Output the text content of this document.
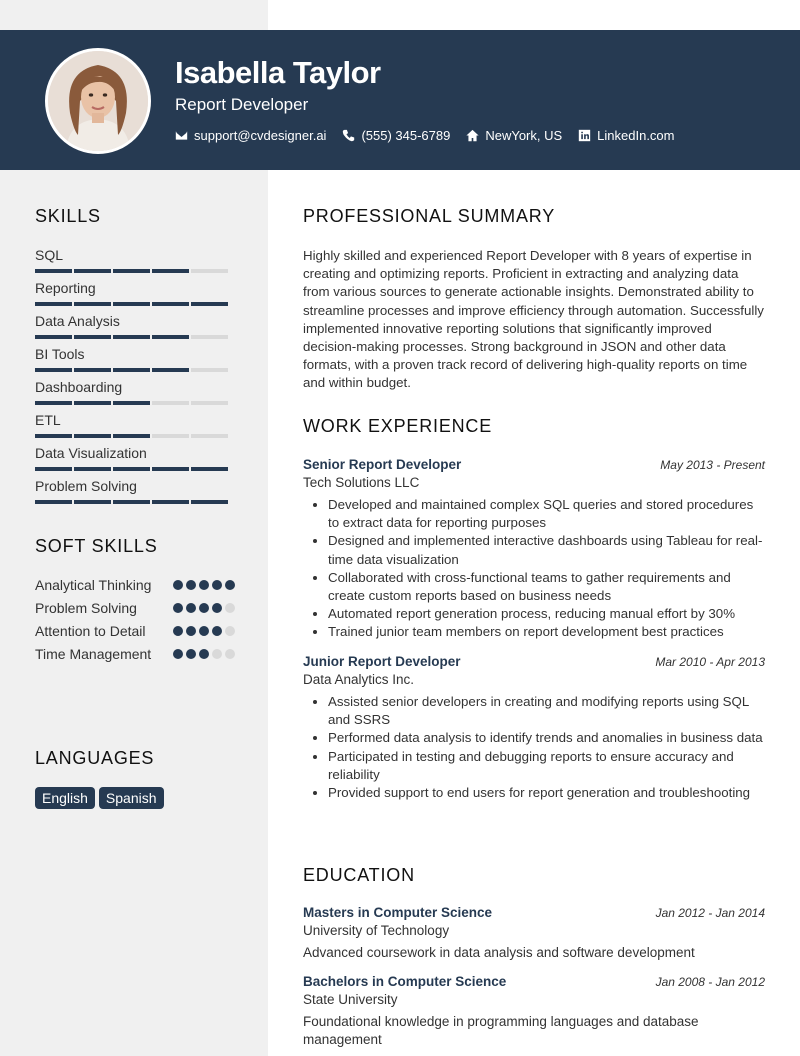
Isabella Taylor
Report Developer
support@cvdesigner.ai	(555) 345-6789	NewYork, US	LinkedIn.com
SKILLS
SQL
Reporting
Data Analysis
BI Tools
Dashboarding
ETL
Data Visualization
Problem Solving
SOFT SKILLS
Analytical Thinking
Problem Solving
Attention to Detail
Time Management
LANGUAGES
English	Spanish
PROFESSIONAL SUMMARY
Highly skilled and experienced Report Developer with 8 years of expertise in creating and optimizing reports. Proficient in extracting and analyzing data from various sources to generate actionable insights. Demonstrated ability to streamline processes and improve efficiency through automation. Successfully implemented innovative reporting solutions that significantly improved decision-making processes. Strong background in JSON and other data formats, with a proven track record of delivering high-quality reports on time and within budget.
WORK EXPERIENCE
Senior Report Developer	May 2013 - Present
Tech Solutions LLC
• Developed and maintained complex SQL queries and stored procedures to extract data for reporting purposes
• Designed and implemented interactive dashboards using Tableau for real-time data visualization
• Collaborated with cross-functional teams to gather requirements and create custom reports based on business needs
• Automated report generation process, reducing manual effort by 30%
• Trained junior team members on report development best practices
Junior Report Developer	Mar 2010 - Apr 2013
Data Analytics Inc.
• Assisted senior developers in creating and modifying reports using SQL and SSRS
• Performed data analysis to identify trends and anomalies in business data
• Participated in testing and debugging reports to ensure accuracy and reliability
• Provided support to end users for report generation and troubleshooting
EDUCATION
Masters in Computer Science	Jan 2012 - Jan 2014
University of Technology
Advanced coursework in data analysis and software development
Bachelors in Computer Science	Jan 2008 - Jan 2012
State University
Foundational knowledge in programming languages and database management
